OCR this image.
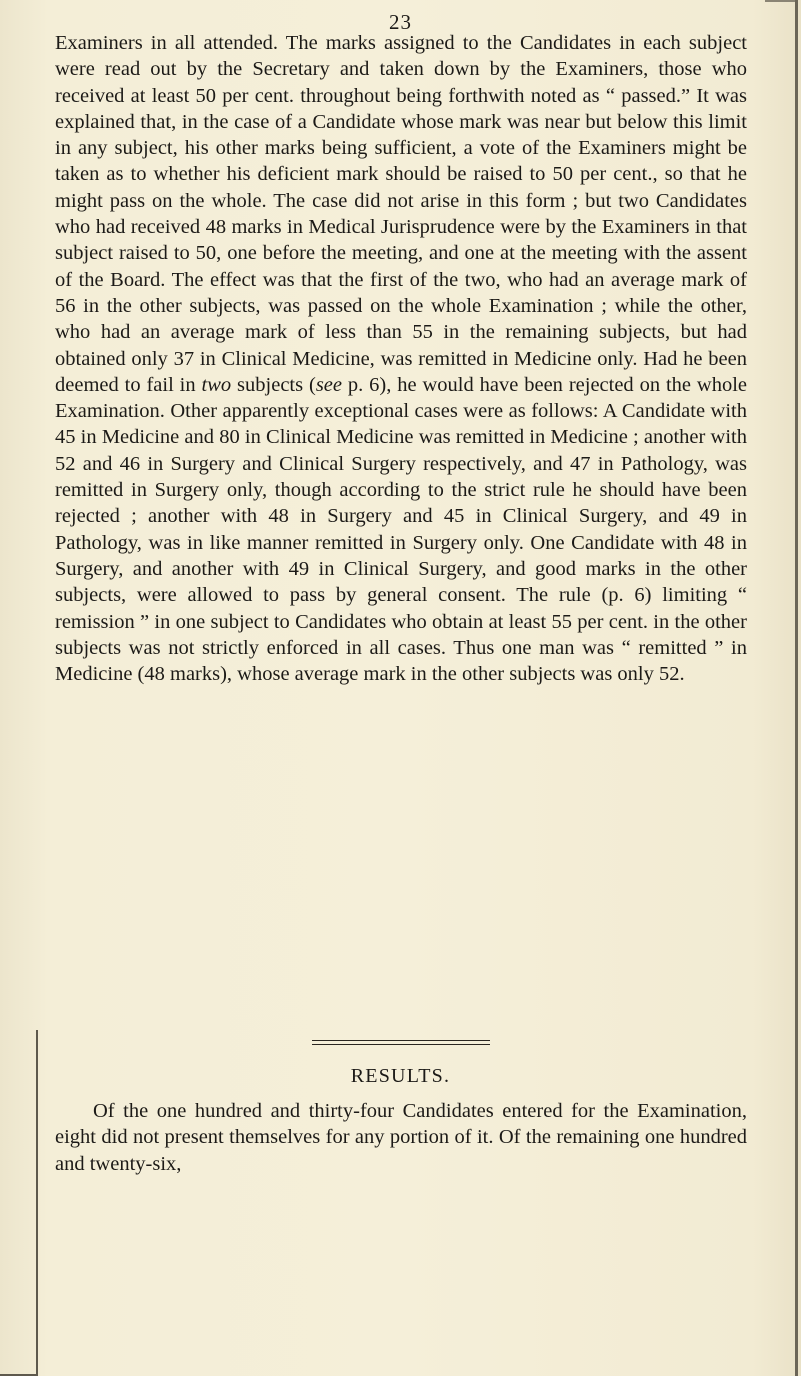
23

Examiners in all attended. The marks assigned to the Candidates in each subject were read out by the Secretary and taken down by the Examiners, those who received at least 50 per cent. throughout being forthwith noted as “ passed.” It was explained that, in the case of a Candidate whose mark was near but below this limit in any subject, his other marks being sufficient, a vote of the Examiners might be taken as to whether his deficient mark should be raised to 50 per cent., so that he might pass on the whole. The case did not arise in this form ; but two Candidates who had received 48 marks in Medical Jurisprudence were by the Examiners in that subject raised to 50, one before the meeting, and one at the meeting with the assent of the Board. The effect was that the first of the two, who had an average mark of 56 in the other subjects, was passed on the whole Examination ; while the other, who had an average mark of less than 55 in the remaining subjects, but had obtained only 37 in Clinical Medicine, was remitted in Medicine only. Had he been deemed to fail in two subjects (see p. 6), he would have been rejected on the whole Examination. Other apparently exceptional cases were as follows: A Candidate with 45 in Medicine and 80 in Clinical Medicine was remitted in Medicine ; another with 52 and 46 in Surgery and Clinical Surgery respectively, and 47 in Pathology, was remitted in Surgery only, though according to the strict rule he should have been rejected ; another with 48 in Surgery and 45 in Clinical Surgery, and 49 in Pathology, was in like manner remitted in Surgery only. One Candidate with 48 in Surgery, and another with 49 in Clinical Surgery, and good marks in the other subjects, were allowed to pass by general consent. The rule (p. 6) limiting “ remission ” in one subject to Candidates who obtain at least 55 per cent. in the other subjects was not strictly enforced in all cases. Thus one man was “ remitted ” in Medicine (48 marks), whose average mark in the other subjects was only 52.

RESULTS.

Of the one hundred and thirty-four Candidates entered for the Examination, eight did not present themselves for any portion of it. Of the remaining one hundred and twenty-six,
